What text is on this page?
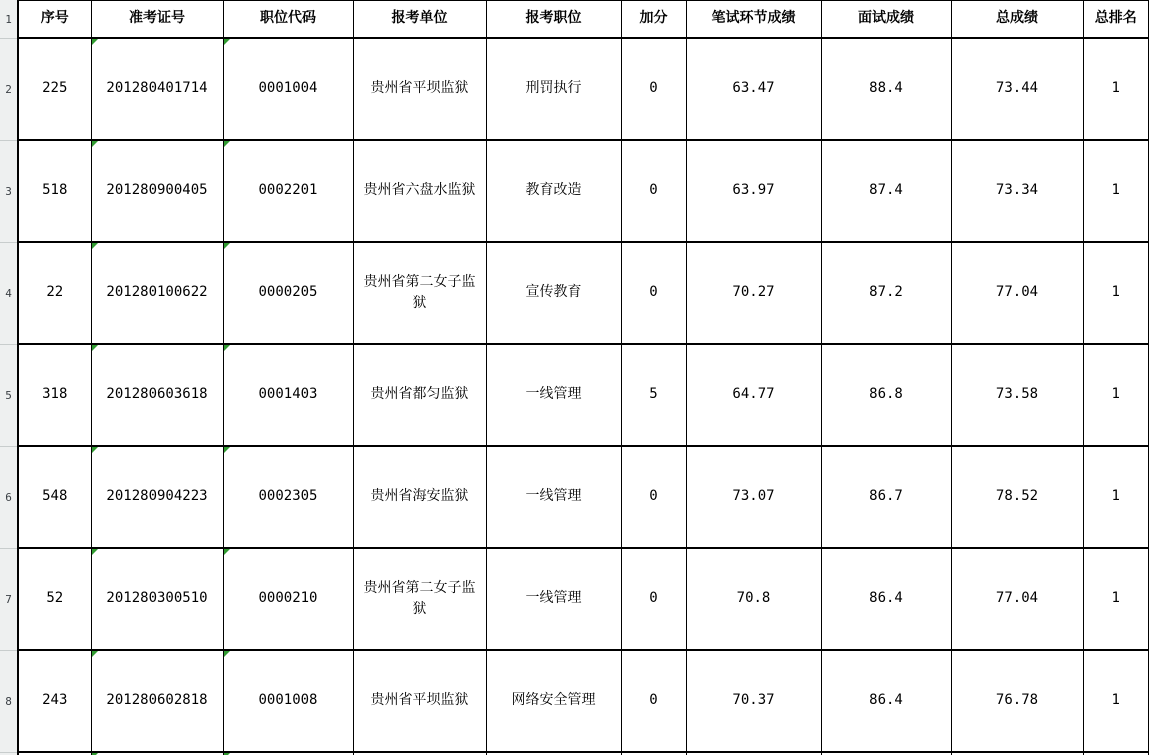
1
2
3
4
5
6
7
8
序号	准考证号	职位代码	报考单位	报考职位	加分	笔试环节成绩	面试成绩	总成绩	总排名
225	201280401714	0001004	贵州省平坝监狱	刑罚执行	0	63.47	88.4	73.44	1
518	201280900405	0002201	贵州省六盘水监狱	教育改造	0	63.97	87.4	73.34	1
22	201280100622	0000205	贵州省第二女子监狱	宣传教育	0	70.27	87.2	77.04	1
318	201280603618	0001403	贵州省都匀监狱	一线管理	5	64.77	86.8	73.58	1
548	201280904223	0002305	贵州省海安监狱	一线管理	0	73.07	86.7	78.52	1
52	201280300510	0000210	贵州省第二女子监狱	一线管理	0	70.8	86.4	77.04	1
243	201280602818	0001008	贵州省平坝监狱	网络安全管理	0	70.37	86.4	76.78	1
